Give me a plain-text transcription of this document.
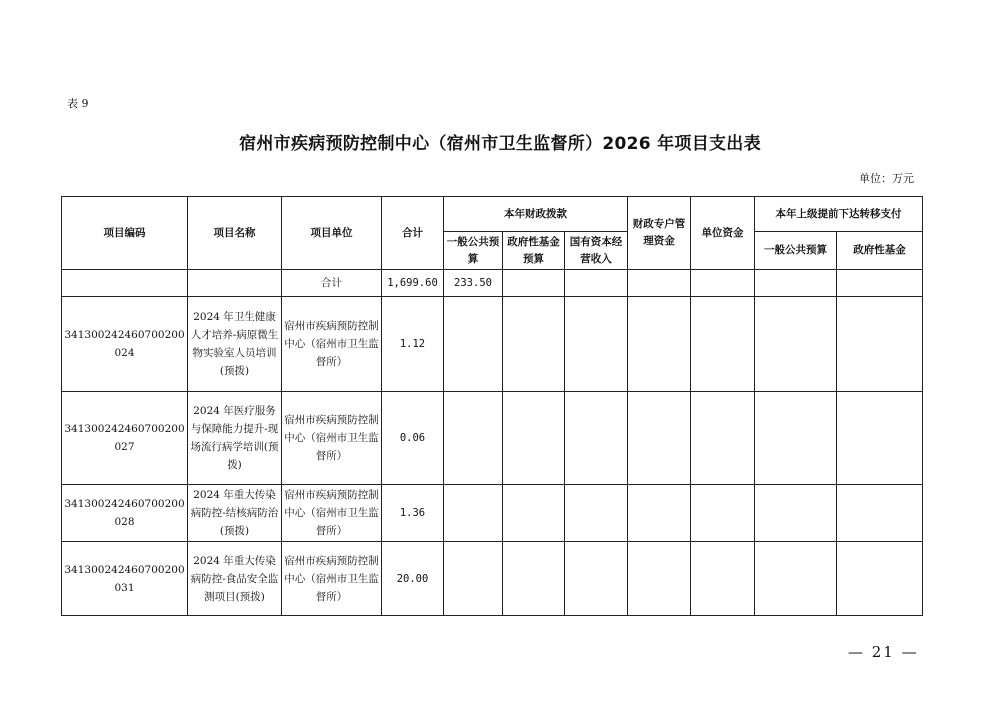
表 9
宿州市疾病预防控制中心（宿州市卫生监督所）2026 年项目支出表
单位：万元
项目编码	项目名称	项目单位	合计	本年财政拨款			财政专户管理资金	单位资金	本年上级提前下达转移支付	
				一般公共预算	政府性基金预算	国有资本经营收入			一般公共预算	政府性基金
		合计	1,699.60	233.50						
341300242460700200024	2024 年卫生健康人才培养-病原微生物实验室人员培训(预拨)	宿州市疾病预防控制中心（宿州市卫生监督所）	1.12							
341300242460700200027	2024 年医疗服务与保障能力提升-现场流行病学培训(预拨)	宿州市疾病预防控制中心（宿州市卫生监督所）	0.06							
341300242460700200028	2024 年重大传染病防控-结核病防治(预拨)	宿州市疾病预防控制中心（宿州市卫生监督所）	1.36							
341300242460700200031	2024 年重大传染病防控-食品安全监测项目(预拨)	宿州市疾病预防控制中心（宿州市卫生监督所）	20.00							
— 21 —
